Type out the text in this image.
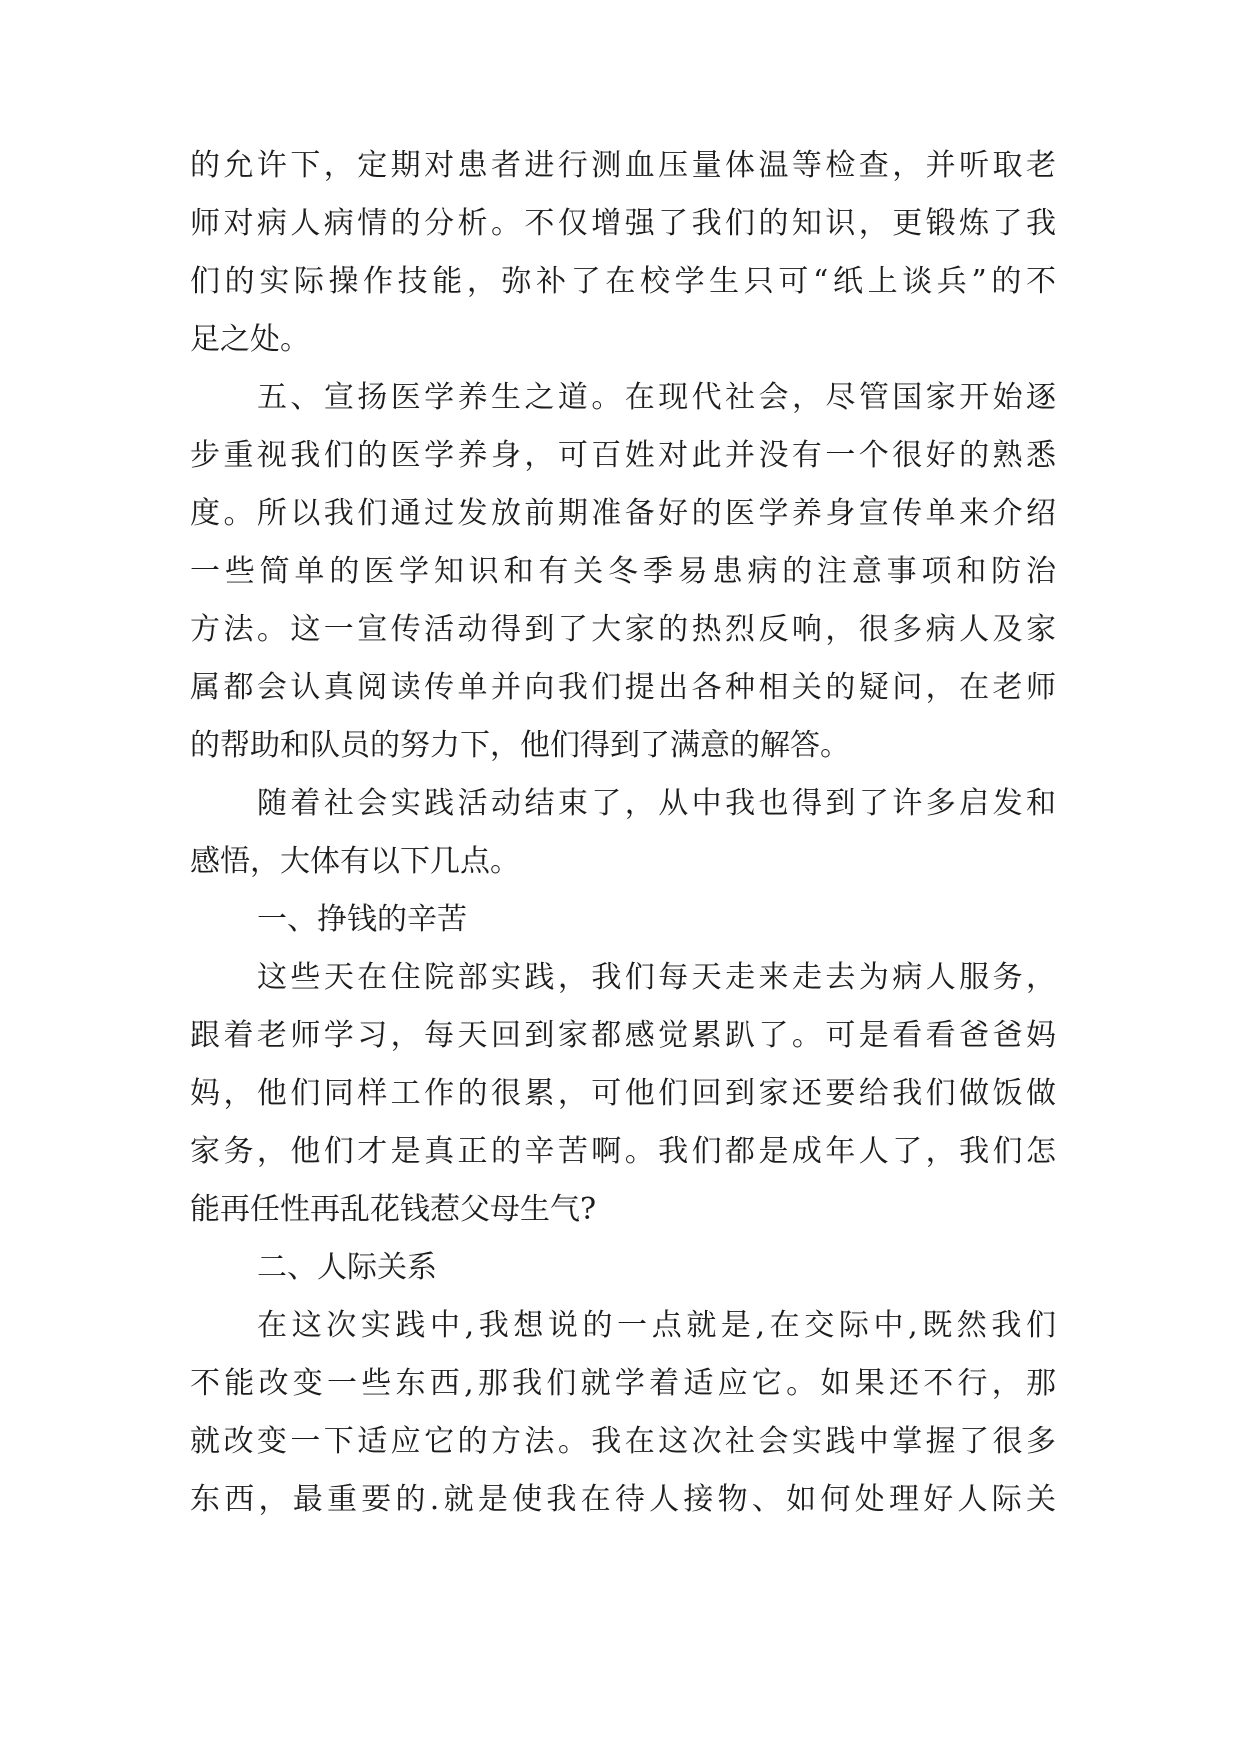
的允许下，定期对患者进行测血压量体温等检查，并听取老
师对病人病情的分析。不仅增强了我们的知识，更锻炼了我
们的实际操作技能，弥补了在校学生只可“纸上谈兵”的不
足之处。
五、宣扬医学养生之道。在现代社会，尽管国家开始逐
步重视我们的医学养身，可百姓对此并没有一个很好的熟悉
度。所以我们通过发放前期准备好的医学养身宣传单来介绍
一些简单的医学知识和有关冬季易患病的注意事项和防治
方法。这一宣传活动得到了大家的热烈反响，很多病人及家
属都会认真阅读传单并向我们提出各种相关的疑问，在老师
的帮助和队员的努力下，他们得到了满意的解答。
随着社会实践活动结束了，从中我也得到了许多启发和
感悟，大体有以下几点。
一、挣钱的辛苦
这些天在住院部实践，我们每天走来走去为病人服务，
跟着老师学习，每天回到家都感觉累趴了。可是看看爸爸妈
妈，他们同样工作的很累，可他们回到家还要给我们做饭做
家务，他们才是真正的辛苦啊。我们都是成年人了，我们怎
能再任性再乱花钱惹父母生气?
二、人际关系
在这次实践中,我想说的一点就是,在交际中,既然我们
不能改变一些东西,那我们就学着适应它。如果还不行，那
就改变一下适应它的方法。我在这次社会实践中掌握了很多
东西，最重要的.就是使我在待人接物、如何处理好人际关
